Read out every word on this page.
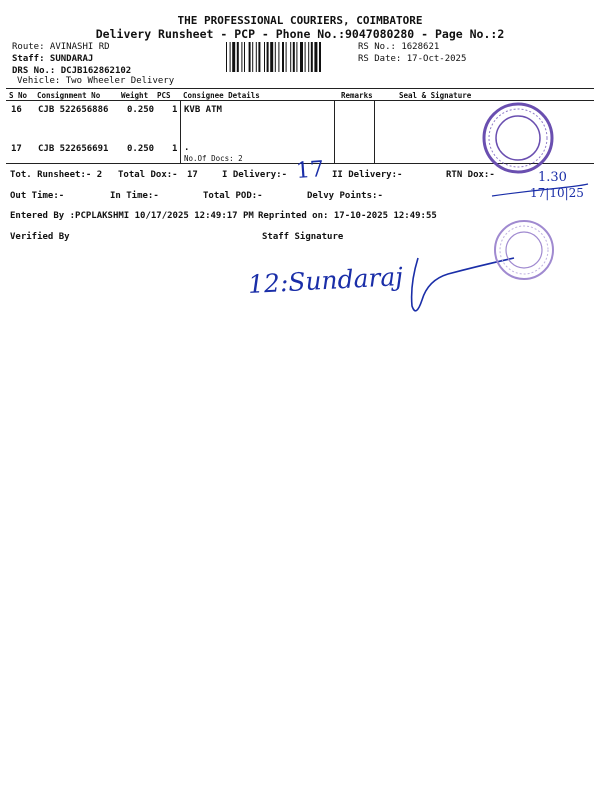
THE PROFESSIONAL COURIERS, COIMBATORE
Delivery Runsheet - PCP - Phone No.:9047080280 - Page No.:2
Route: AVINASHI RD
Staff: SUNDARAJ
DRS No.: DCJB162862102
Vehicle: Two Wheeler Delivery
RS No.: 1628621
RS Date: 17-Oct-2025
S No Consignment No	Weight PCS Consignee Details	Remarks	Seal & Signature
16 CJB 522656886 0.250 1 KVB ATM
17 CJB 522656691 0.250 1 .
No.Of Docs: 2
Tot. Runsheet:- 2 Total Dox:- 17	I Delivery:-	II Delivery:-	RTN Dox:-
Out Time:-	In Time:-	Total POD:-	Delvy Points:-
Entered By :PCPLAKSHMI 10/17/2025 12:49:17 PM Reprinted on: 17-10-2025 12:49:55
Verified By	Staff Signature
17	1.30
17|10|25
12:Sundaraj
